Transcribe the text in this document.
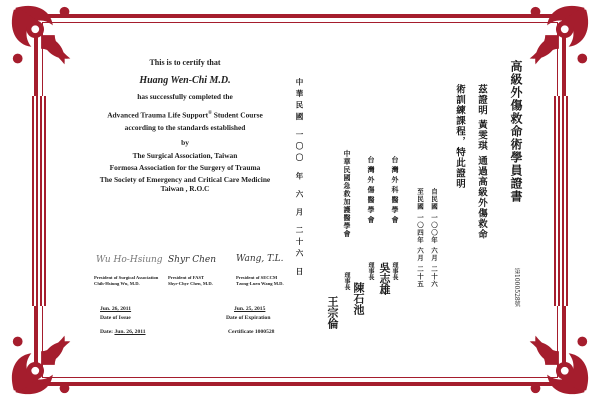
This is to certify that
Huang Wen-Chi M.D.
has successfully completed the
Advanced Trauma Life Support® Student Course
according to the standards established
by
The Surgical Association, Taiwan
Formosa Association for the Surgery of Trauma
The Society of Emergency and Critical Care Medicine
Taiwan , R.O.C
Wu Ho-Hsiung Shyr Chen Wang, T.L.
President of Surgical Association
Chih-Hsiung Wu, M.D.
President of FAST
Shyr-Chyr Chen, M.D.
President of SECCM
Tzong-Luen Wang M.D.
Jun. 26, 2011
Date of Issue
Jun. 25, 2015
Date of Expiration
Date: Jun. 26, 2011	Certificate 1000528
高級外傷救命術學員證書
第1000528號
茲證明 黃雯琪 通過高級外傷救命
術訓練課程，特此證明
自民國 一〇〇年 六月 二十六
至民國 一〇四年 六月 二十五
台灣外科醫學會
理事長
吳志雄
台灣外傷醫學會
理事長
陳石池
中華民國急救加護醫學會
理事長
王宗倫
中華民國 一〇〇 年 六 月 二十六 日
